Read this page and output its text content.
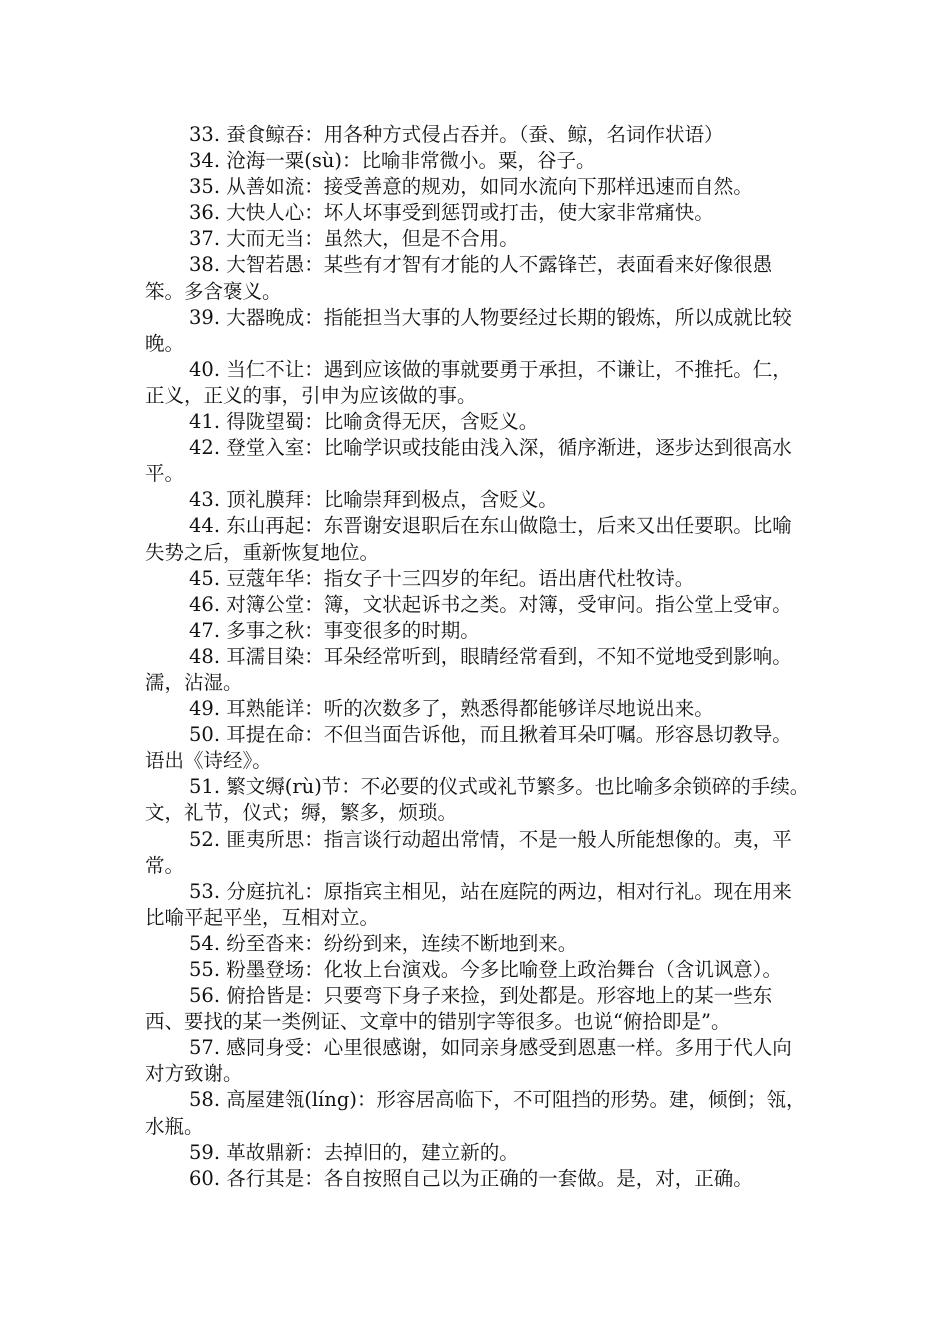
33. 蚕食鲸吞：用各种方式侵占吞并。（蚕、鲸，名词作状语）

34. 沧海一粟(sù)：比喻非常微小。粟，谷子。

35. 从善如流：接受善意的规劝，如同水流向下那样迅速而自然。

36. 大快人心：坏人坏事受到惩罚或打击，使大家非常痛快。

37. 大而无当：虽然大，但是不合用。

38. 大智若愚：某些有才智有才能的人不露锋芒，表面看来好像很愚笨。多含褒义。

39. 大器晚成：指能担当大事的人物要经过长期的锻炼，所以成就比较晚。

40. 当仁不让：遇到应该做的事就要勇于承担，不谦让，不推托。仁，正义，正义的事，引申为应该做的事。

41. 得陇望蜀：比喻贪得无厌，含贬义。

42. 登堂入室：比喻学识或技能由浅入深，循序渐进，逐步达到很高水平。

43. 顶礼膜拜：比喻崇拜到极点，含贬义。

44. 东山再起：东晋谢安退职后在东山做隐士，后来又出任要职。比喻失势之后，重新恢复地位。

45. 豆蔻年华：指女子十三四岁的年纪。语出唐代杜牧诗。

46. 对簿公堂：簿，文状起诉书之类。对簿，受审问。指公堂上受审。

47. 多事之秋：事变很多的时期。

48. 耳濡目染：耳朵经常听到，眼睛经常看到，不知不觉地受到影响。濡，沾湿。

49. 耳熟能详：听的次数多了，熟悉得都能够详尽地说出来。

50. 耳提在命：不但当面告诉他，而且揪着耳朵叮嘱。形容恳切教导。语出《诗经》。

51. 繁文缛(rù)节：不必要的仪式或礼节繁多。也比喻多余锁碎的手续。文，礼节，仪式；缛，繁多，烦琐。

52. 匪夷所思：指言谈行动超出常情，不是一般人所能想像的。夷，平常。

53. 分庭抗礼：原指宾主相见，站在庭院的两边，相对行礼。现在用来比喻平起平坐，互相对立。

54. 纷至沓来：纷纷到来，连续不断地到来。

55. 粉墨登场：化妆上台演戏。今多比喻登上政治舞台（含讥讽意）。

56. 俯拾皆是：只要弯下身子来捡，到处都是。形容地上的某一些东西、要找的某一类例证、文章中的错别字等很多。也说“俯拾即是”。

57. 感同身受：心里很感谢，如同亲身感受到恩惠一样。多用于代人向对方致谢。

58. 高屋建瓴(líng)：形容居高临下，不可阻挡的形势。建，倾倒；瓴，水瓶。

59. 革故鼎新：去掉旧的，建立新的。

60. 各行其是：各自按照自己以为正确的一套做。是，对，正确。
